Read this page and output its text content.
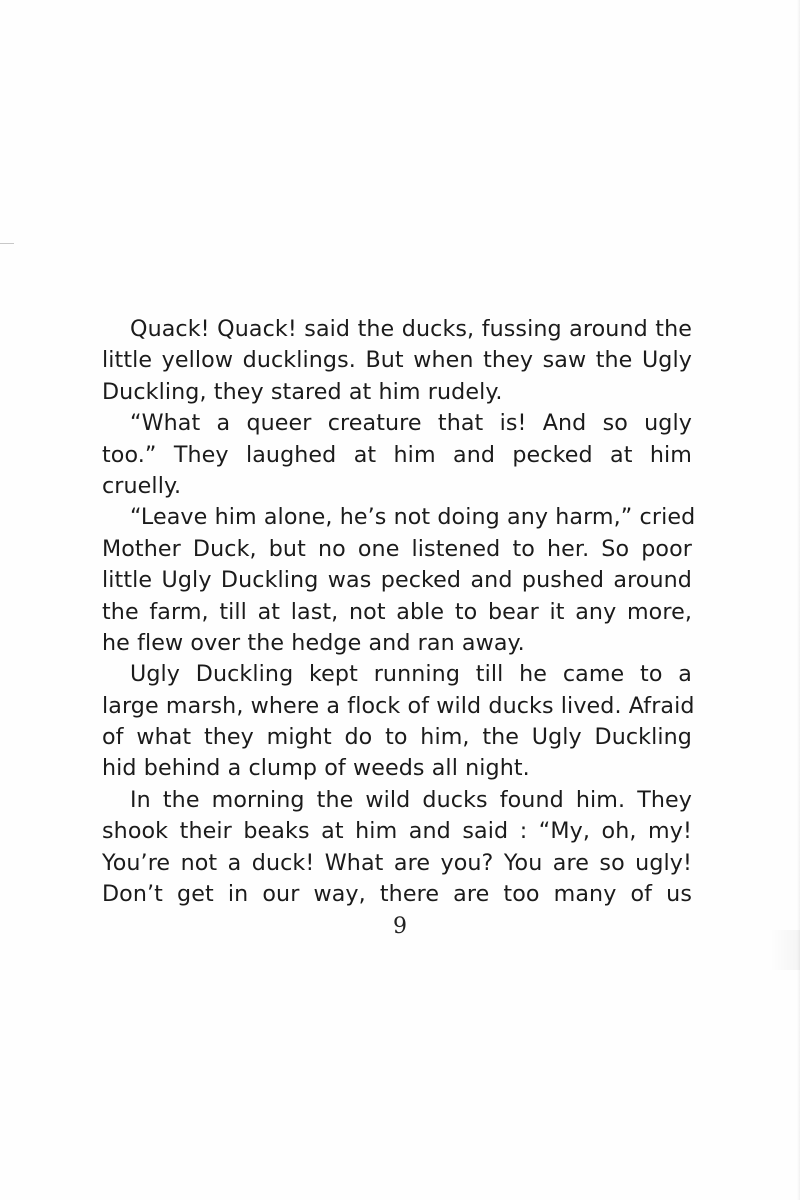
Quack! Quack! said the ducks, fussing around the
little yellow ducklings. But when they saw the Ugly
Duckling, they stared at him rudely.
“What a queer creature that is! And so ugly
too.” They laughed at him and pecked at him
cruelly.
“Leave him alone, he’s not doing any harm,” cried
Mother Duck, but no one listened to her. So poor
little Ugly Duckling was pecked and pushed around
the farm, till at last, not able to bear it any more,
he flew over the hedge and ran away.
Ugly Duckling kept running till he came to a
large marsh, where a flock of wild ducks lived. Afraid
of what they might do to him, the Ugly Duckling
hid behind a clump of weeds all night.
In the morning the wild ducks found him. They
shook their beaks at him and said : “My, oh, my!
You’re not a duck! What are you? You are so ugly!
Don’t get in our way, there are too many of us
9
